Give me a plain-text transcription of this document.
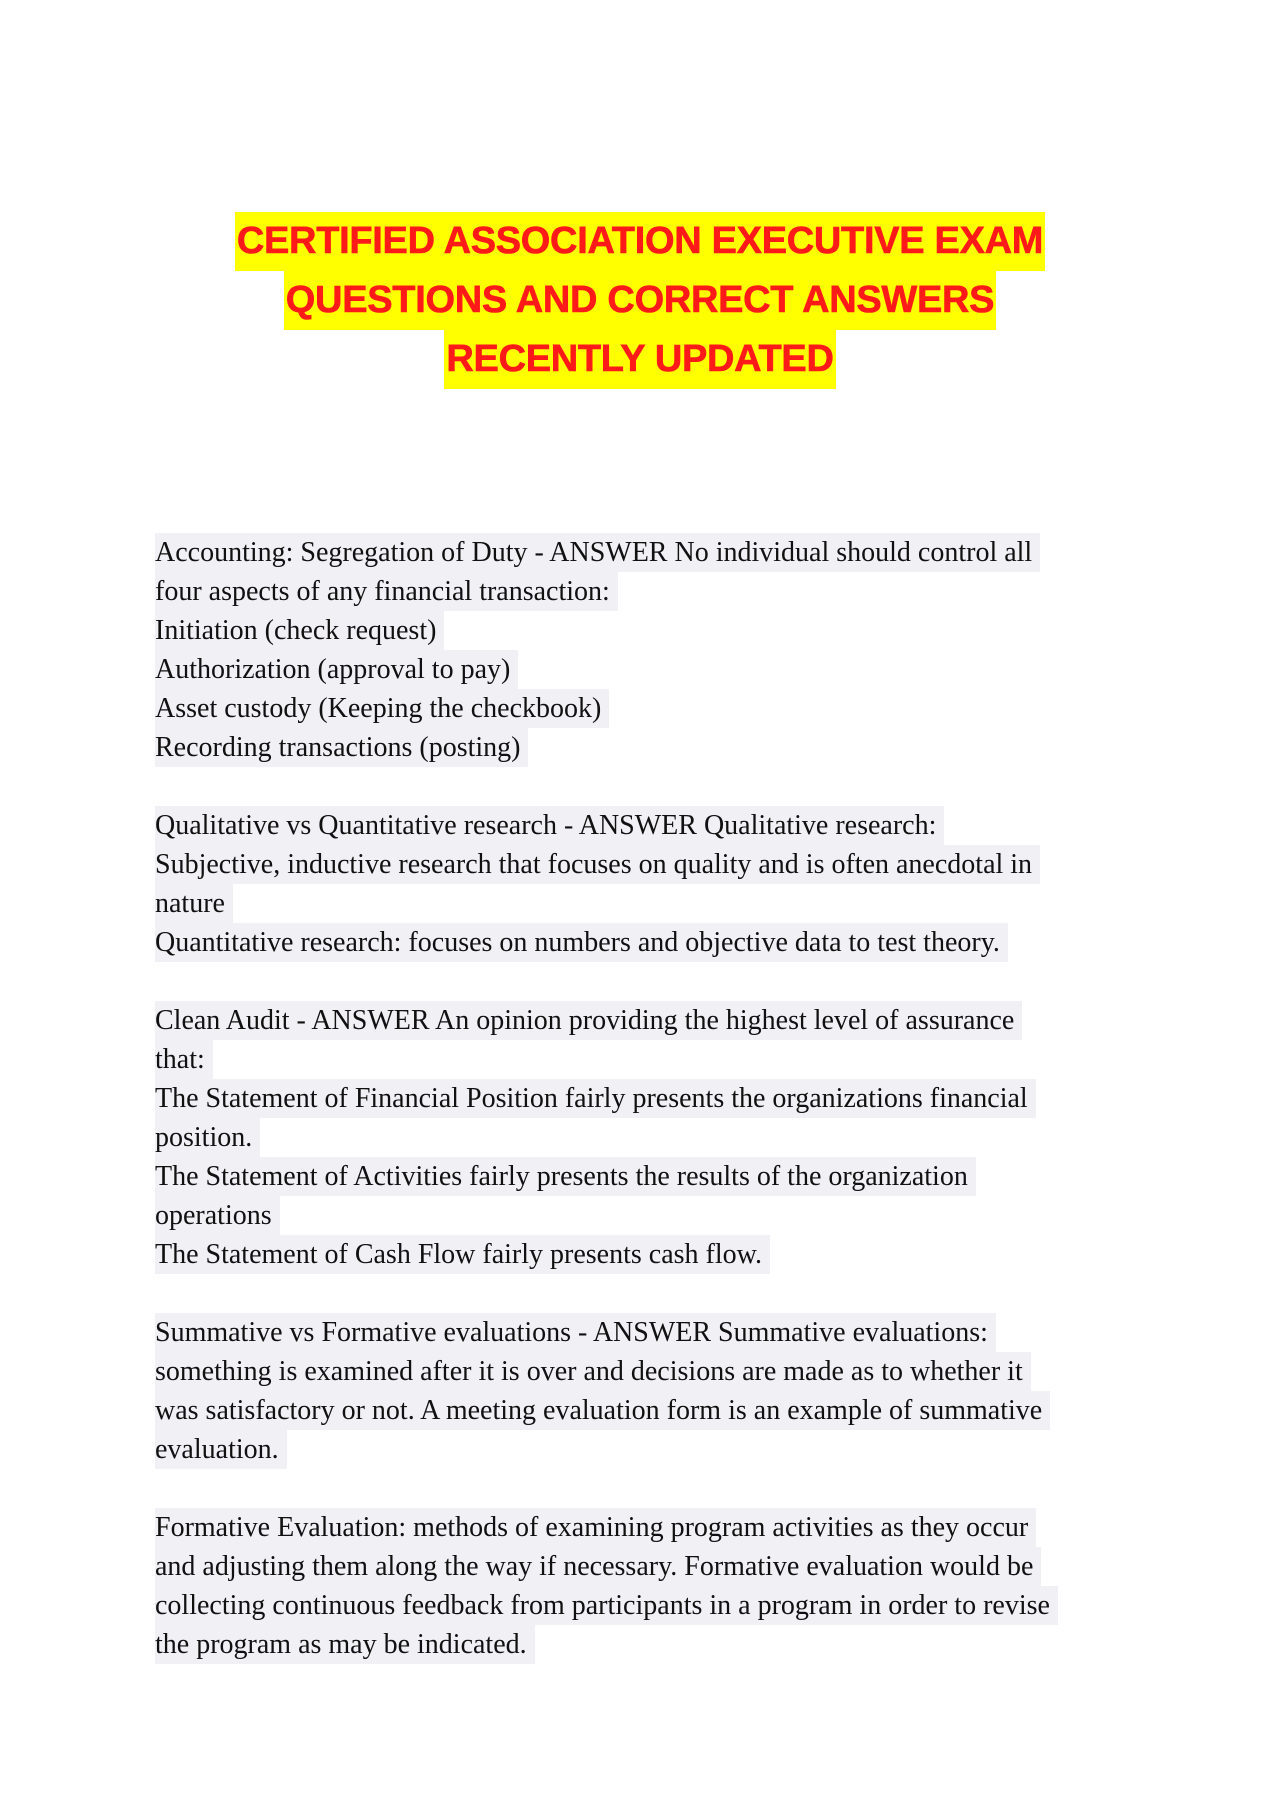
CERTIFIED ASSOCIATION EXECUTIVE EXAM
QUESTIONS AND CORRECT ANSWERS
RECENTLY UPDATED
Accounting: Segregation of Duty - ANSWER No individual should control all
four aspects of any financial transaction:
Initiation (check request)
Authorization (approval to pay)
Asset custody (Keeping the checkbook)
Recording transactions (posting)
Qualitative vs Quantitative research - ANSWER Qualitative research:
Subjective, inductive research that focuses on quality and is often anecdotal in
nature
Quantitative research: focuses on numbers and objective data to test theory.
Clean Audit - ANSWER An opinion providing the highest level of assurance
that:
The Statement of Financial Position fairly presents the organizations financial
position.
The Statement of Activities fairly presents the results of the organization
operations
The Statement of Cash Flow fairly presents cash flow.
Summative vs Formative evaluations - ANSWER Summative evaluations:
something is examined after it is over and decisions are made as to whether it
was satisfactory or not. A meeting evaluation form is an example of summative
evaluation.
Formative Evaluation: methods of examining program activities as they occur
and adjusting them along the way if necessary. Formative evaluation would be
collecting continuous feedback from participants in a program in order to revise
the program as may be indicated.
